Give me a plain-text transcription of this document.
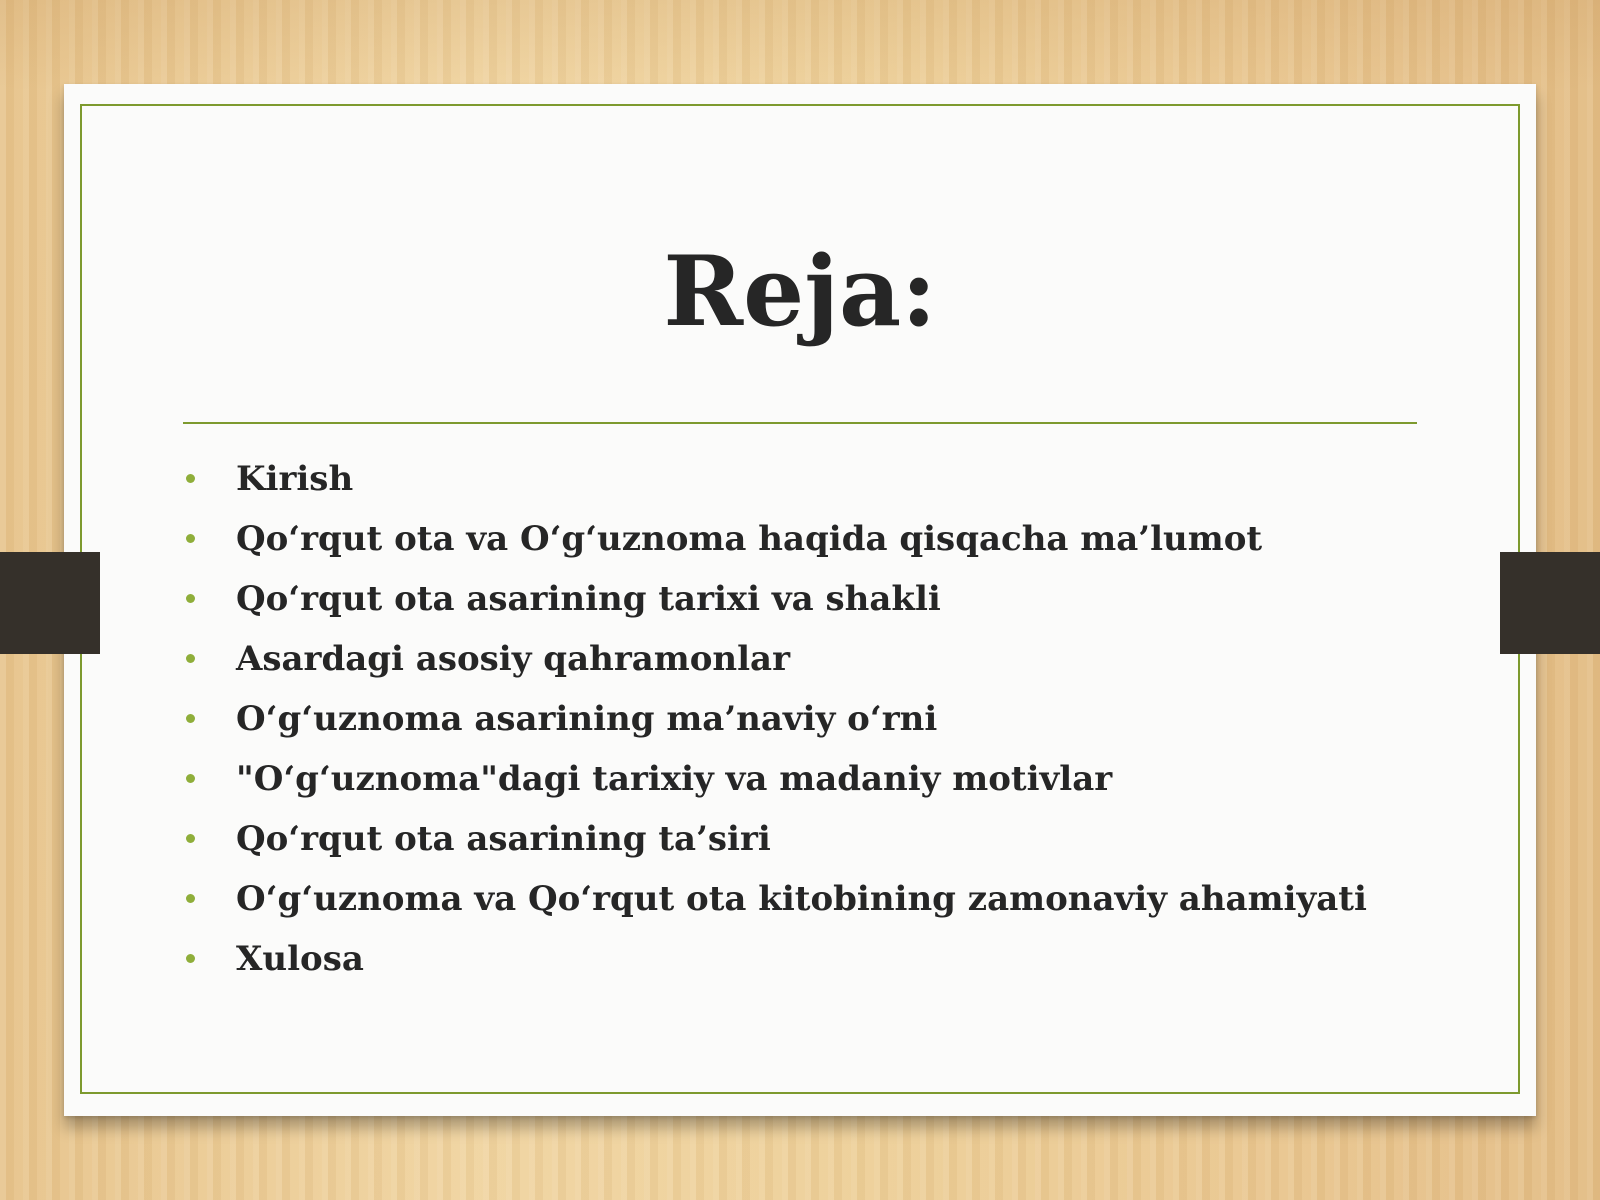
Reja:
Kirish
Qo‘rqut ota va O‘g‘uznoma haqida qisqacha ma’lumot
Qo‘rqut ota asarining tarixi va shakli
Asardagi asosiy qahramonlar
O‘g‘uznoma asarining ma’naviy o‘rni
"O‘g‘uznoma"dagi tarixiy va madaniy motivlar
Qo‘rqut ota asarining ta’siri
O‘g‘uznoma va Qo‘rqut ota kitobining zamonaviy ahamiyati
Xulosa
